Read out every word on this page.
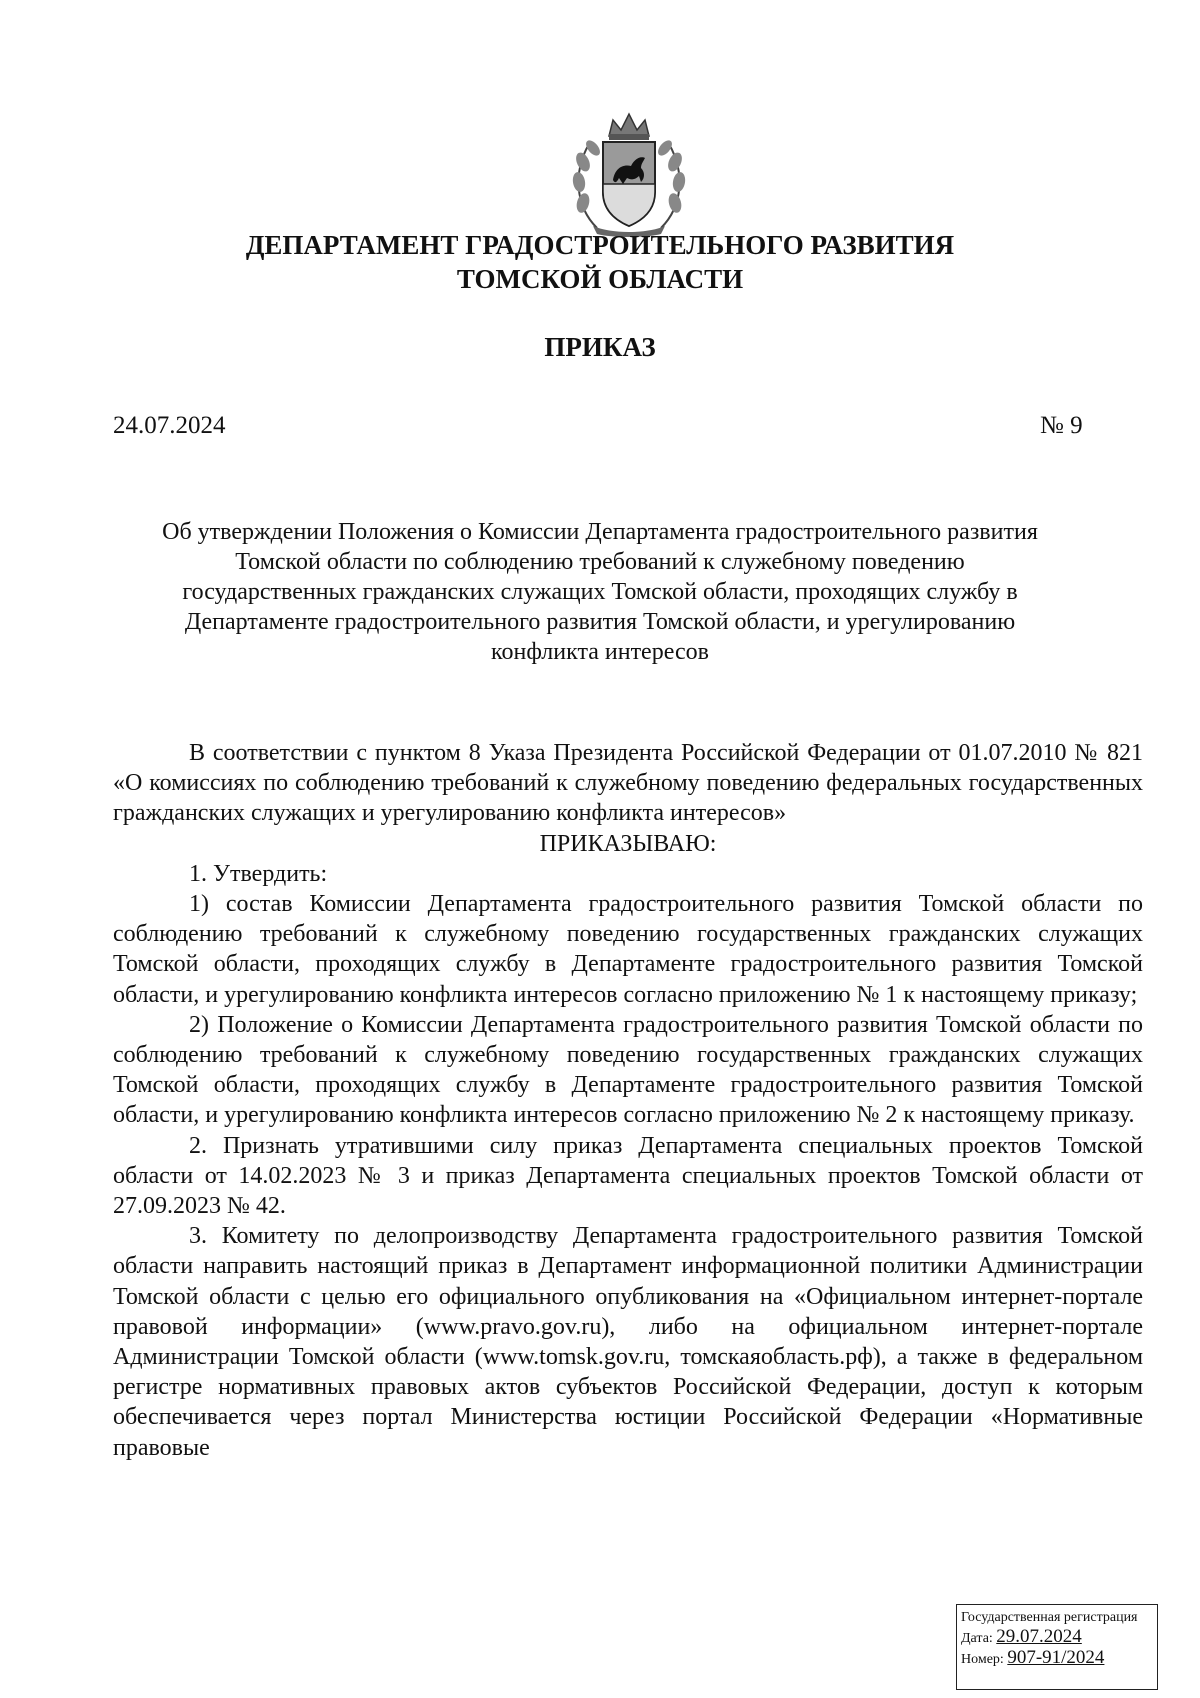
ДЕПАРТАМЕНТ ГРАДОСТРОИТЕЛЬНОГО РАЗВИТИЯ
ТОМСКОЙ ОБЛАСТИ
ПРИКАЗ
24.07.2024	№ 9
Об утверждении Положения о Комиссии Департамента градостроительного развития
Томской области по соблюдению требований к служебному поведению
государственных гражданских служащих Томской области, проходящих службу в
Департаменте градостроительного развития Томской области, и урегулированию
конфликта интересов

В соответствии с пунктом 8 Указа Президента Российской Федерации от 01.07.2010 № 821 «О комиссиях по соблюдению требований к служебному поведению федеральных государственных гражданских служащих и урегулированию конфликта интересов»

ПРИКАЗЫВАЮ:

1. Утвердить:

1) состав Комиссии Департамента градостроительного развития Томской области по соблюдению требований к служебному поведению государственных гражданских служащих Томской области, проходящих службу в Департаменте градостроительного развития Томской области, и урегулированию конфликта интересов согласно приложению № 1 к настоящему приказу;

2) Положение о Комиссии Департамента градостроительного развития Томской области по соблюдению требований к служебному поведению государственных гражданских служащих Томской области, проходящих службу в Департаменте градостроительного развития Томской области, и урегулированию конфликта интересов согласно приложению № 2 к настоящему приказу.

2. Признать утратившими силу приказ Департамента специальных проектов Томской области от 14.02.2023 № 3 и приказ Департамента специальных проектов Томской области от 27.09.2023 № 42.

3. Комитету по делопроизводству Департамента градостроительного развития Томской области направить настоящий приказ в Департамент информационной политики Администрации Томской области с целью его официального опубликования на «Официальном интернет-портале правовой информации» (www.pravo.gov.ru), либо на официальном интернет-портале Администрации Томской области (www.tomsk.gov.ru, томскаяобласть.рф), а также в федеральном регистре нормативных правовых актов субъектов Российской Федерации, доступ к которым обеспечивается через портал Министерства юстиции Российской Федерации «Нормативные правовые

Государственная регистрация
Дата: 29.07.2024
Номер: 907-91/2024
